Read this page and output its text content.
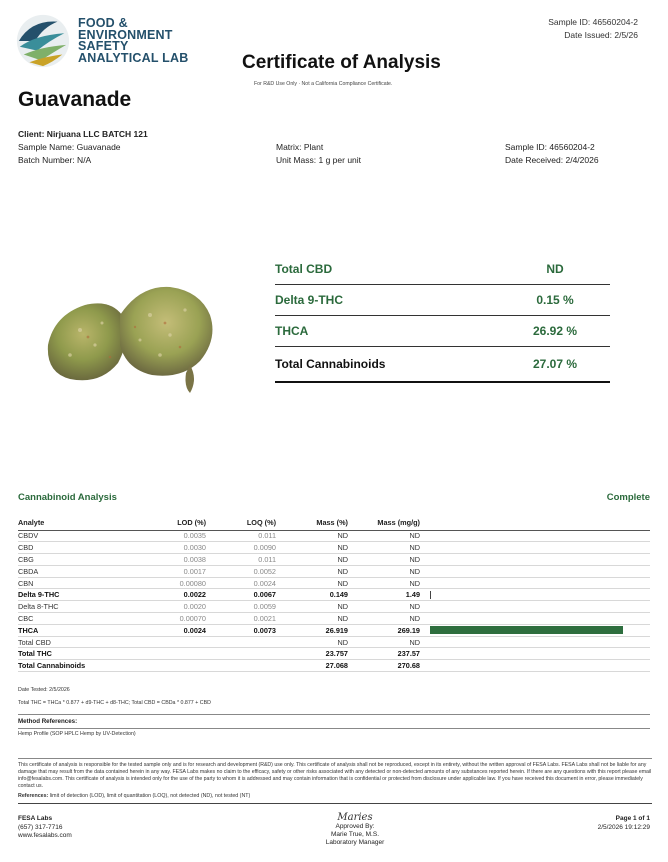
FOOD &
ENVIRONMENT
SAFETY
ANALYTICAL LAB
Sample ID: 46560204-2
Date Issued: 2/5/26
Certificate of Analysis
For R&D Use Only · Not a California Compliance Certificate.
Guavanade
Client: Nirjuana LLC BATCH 121
Sample Name: Guavanade
Batch Number: N/A
Matrix: Plant
Unit Mass: 1 g per unit
Sample ID: 46560204-2
Date Received: 2/4/2026
Total CBD	ND
Delta 9-THC	0.15 %
THCA	26.92 %
Total Cannabinoids	27.07 %
Cannabinoid Analysis	Complete
Analyte	LOD (%)	LOQ (%)	Mass (%)	Mass (mg/g)	
CBDV	0.0035	0.011	ND	ND	
CBD	0.0030	0.0090	ND	ND	
CBG	0.0038	0.011	ND	ND	
CBDA	0.0017	0.0052	ND	ND	
CBN	0.00080	0.0024	ND	ND	
Delta 9-THC	0.0022	0.0067	0.149	1.49	

Delta 8-THC	0.0020	0.0059	ND	ND	
CBC	0.00070	0.0021	ND	ND	
THCA	0.0024	0.0073	26.919	269.19	

Total CBD			ND	ND	
Total THC			23.757	237.57	
Total Cannabinoids			27.068	270.68	
Date Tested: 2/5/2026
Total THC = THCa * 0.877 + d9-THC + d8-THC; Total CBD = CBDa * 0.877 + CBD
Method References:
Hemp Profile (SOP HPLC Hemp by UV-Detection)
This certificate of analysis is responsible for the tested sample only and is for research and development (R&D) use only. This certificate of analysis shall not be reproduced, except in its entirety, without the written approval of FESA Labs. FESA Labs shall not be liable for any damage that may result from the data contained herein in any way. FESA Labs makes no claim to the efficacy, safety or other risks associated with any detected or non-detected amounts of any substances reported herein. If there are any questions with this report please email info@fesalabs.com. This certificate of analysis is intended only for the use of the party to whom it is addressed and may contain information that is confidential or protected from disclosure under applicable law. If you have received this document in error, please immediately contact us.
References: limit of detection (LOD), limit of quantitation (LOQ), not detected (ND), not tested (NT)
FESA Labs
(657) 317-7716
www.fesalabs.com
Maries
Approved By:
Marie True, M.S.
Laboratory Manager
Page 1 of 1
2/5/2026 19:12:29
